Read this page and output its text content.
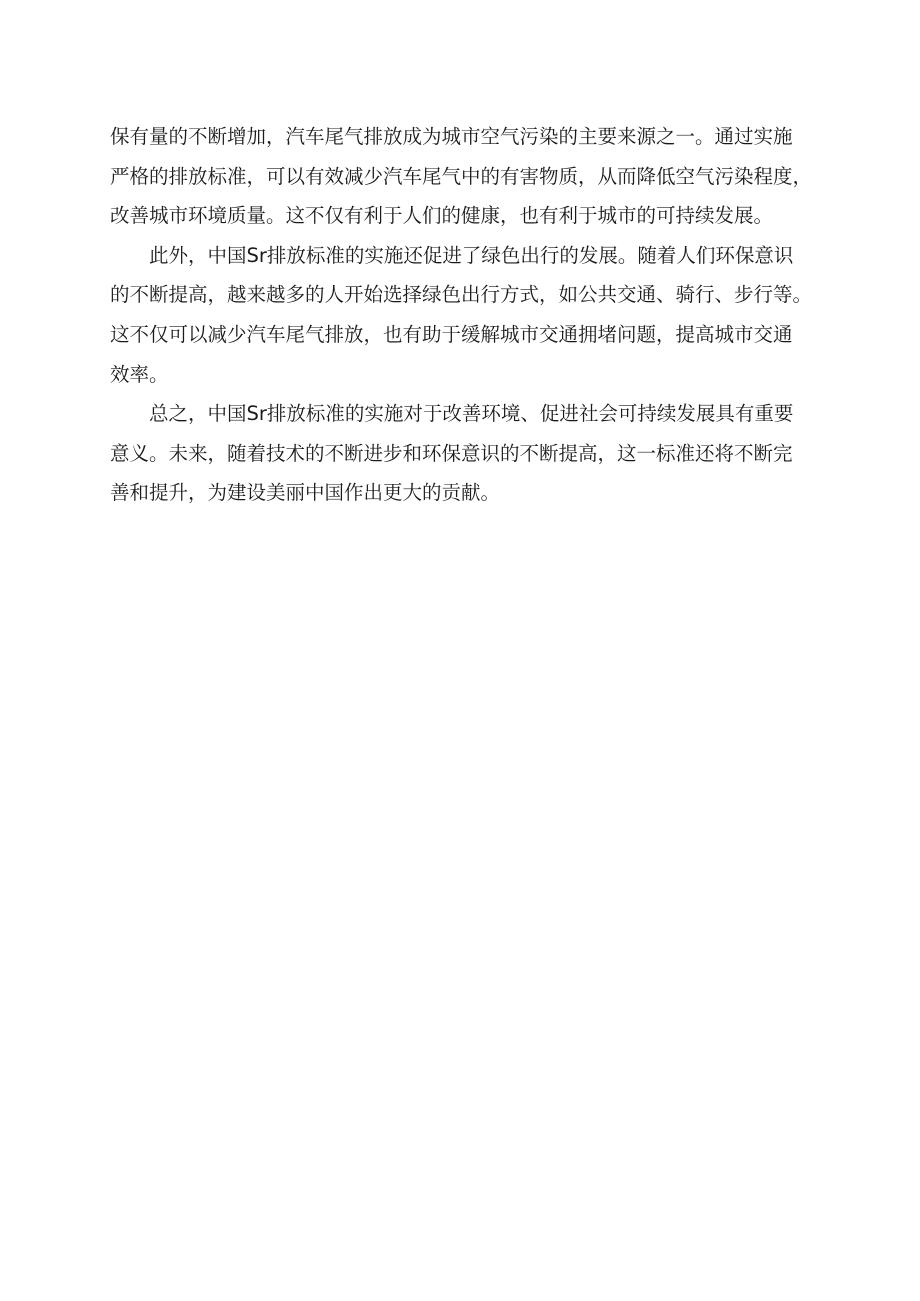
保有量的不断增加，汽车尾气排放成为城市空气污染的主要来源之一。通过实施
严格的排放标准，可以有效减少汽车尾气中的有害物质，从而降低空气污染程度，
改善城市环境质量。这不仅有利于人们的健康，也有利于城市的可持续发展。

此外，中国Sr排放标准的实施还促进了绿色出行的发展。随着人们环保意识
的不断提高，越来越多的人开始选择绿色出行方式，如公共交通、骑行、步行等。
这不仅可以减少汽车尾气排放，也有助于缓解城市交通拥堵问题，提高城市交通
效率。

总之，中国Sr排放标准的实施对于改善环境、促进社会可持续发展具有重要
意义。未来，随着技术的不断进步和环保意识的不断提高，这一标准还将不断完
善和提升，为建设美丽中国作出更大的贡献。
